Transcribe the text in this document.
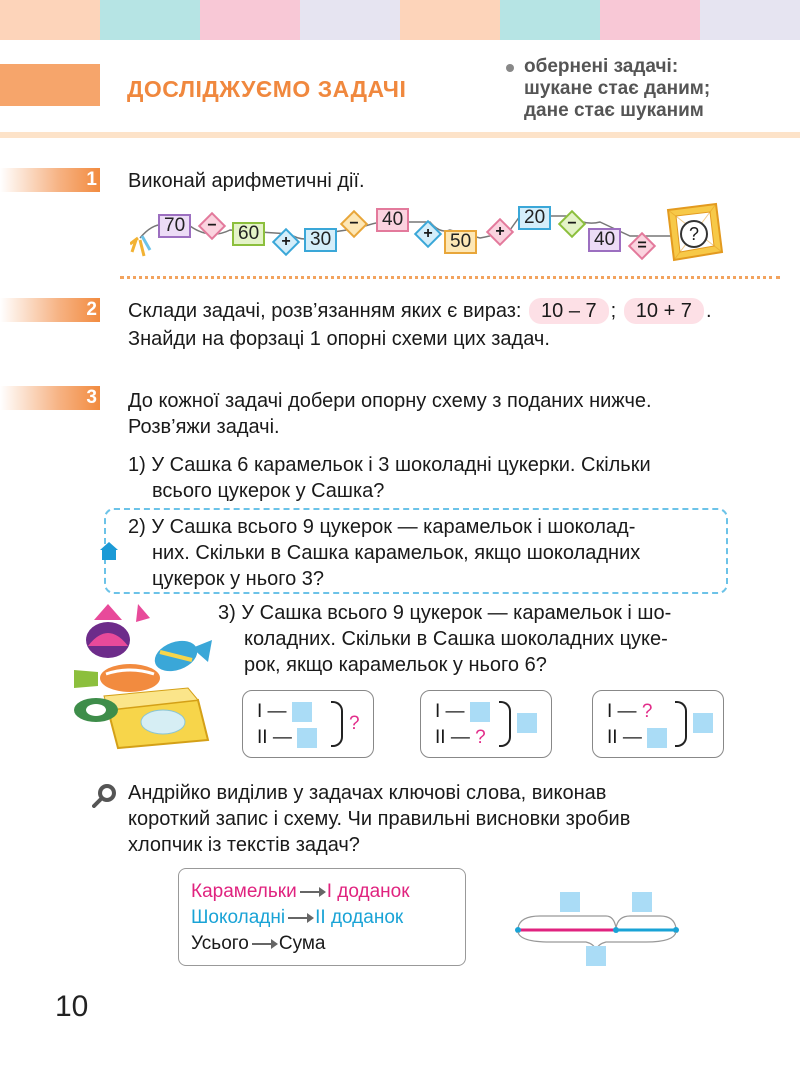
ДОСЛІДЖУЄМО ЗАДАЧІ
обернені задачі:
шукане стає даним;
дане стає шуканим
1 Виконай арифметичні дії.
70	−	60	+	30
−	40
+ 50	+
20	−
40	=
?
2 Склади задачі, розв’язанням яких є вираз: 10 – 7 ; 10 + 7 .
Знайди на форзаці 1 опорні схеми цих задач.
3 До кожної задачі добери опорну схему з поданих нижче.
Розв’яжи задачі.
1) У Сашка 6 карамельок і 3 шоколадні цукерки. Скільки
всього цукерок у Сашка?
2) У Сашка всього 9 цукерок — карамельок і шоколад-
них. Скільки в Сашка карамельок, якщо шоколадних
цукерок у нього 3?
3) У Сашка всього 9 цукерок — карамельок і шо-
коладних. Скільки в Сашка шоколадних цуке-
рок, якщо карамельок у нього 6?
I —
II —
?
I —
II — ?
I — ?
II —
Андрійко виділив у задачах ключові слова, виконав
короткий запис і схему. Чи правильні висновки зробив
хлопчик із текстів задач?
Карамельки I доданок
Шоколадні II доданок
Усього Сума
10
